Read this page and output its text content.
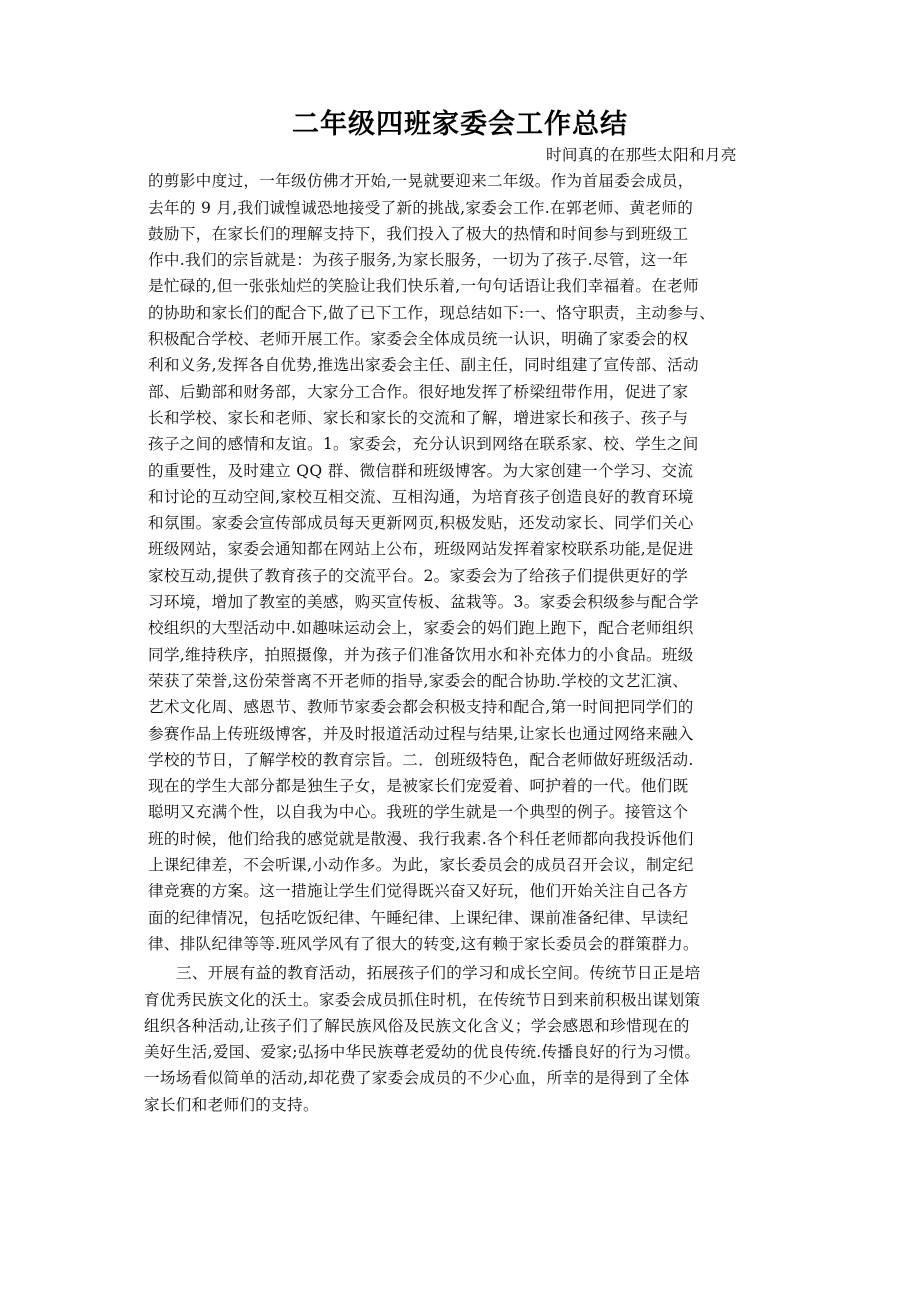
二年级四班家委会工作总结
时间真的在那些太阳和月亮
的剪影中度过，一年级仿佛才开始,一晃就要迎来二年级。作为首届委会成员，
去年的 9 月,我们诚惶诚恐地接受了新的挑战,家委会工作.在郭老师、黄老师的
鼓励下，在家长们的理解支持下，我们投入了极大的热情和时间参与到班级工
作中.我们的宗旨就是：为孩子服务,为家长服务，一切为了孩子.尽管，这一年
是忙碌的,但一张张灿烂的笑脸让我们快乐着,一句句话语让我们幸福着。在老师
的协助和家长们的配合下,做了已下工作，现总结如下:一、恪守职责，主动参与、
积极配合学校、老师开展工作。家委会全体成员统一认识，明确了家委会的权
利和义务,发挥各自优势,推选出家委会主任、副主任，同时组建了宣传部、活动
部、后勤部和财务部，大家分工合作。很好地发挥了桥梁纽带作用，促进了家
长和学校、家长和老师、家长和家长的交流和了解，增进家长和孩子、孩子与
孩子之间的感情和友谊。1。家委会，充分认识到网络在联系家、校、学生之间
的重要性，及时建立 QQ 群、微信群和班级博客。为大家创建一个学习、交流
和讨论的互动空间,家校互相交流、互相沟通，为培育孩子创造良好的教育环境
和氛围。家委会宣传部成员每天更新网页,积极发贴，还发动家长、同学们关心
班级网站，家委会通知都在网站上公布，班级网站发挥着家校联系功能,是促进
家校互动,提供了教育孩子的交流平台。2。家委会为了给孩子们提供更好的学
习环境，增加了教室的美感，购买宣传板、盆栽等。3。家委会积级参与配合学
校组织的大型活动中.如趣味运动会上，家委会的妈们跑上跑下，配合老师组织
同学,维持秩序，拍照摄像，并为孩子们准备饮用水和补充体力的小食品。班级
荣获了荣誉,这份荣誉离不开老师的指导,家委会的配合协助.学校的文艺汇演、
艺术文化周、感恩节、教师节家委会都会积极支持和配合,第一时间把同学们的
参赛作品上传班级博客，并及时报道活动过程与结果,让家长也通过网络来融入
学校的节日，了解学校的教育宗旨。二．创班级特色，配合老师做好班级活动.
现在的学生大部分都是独生子女，是被家长们宠爱着、呵护着的一代。他们既
聪明又充满个性，以自我为中心。我班的学生就是一个典型的例子。接管这个
班的时候，他们给我的感觉就是散漫、我行我素.各个科任老师都向我投诉他们
上课纪律差，不会听课,小动作多。为此，家长委员会的成员召开会议，制定纪
律竞赛的方案。这一措施让学生们觉得既兴奋又好玩，他们开始关注自己各方
面的纪律情况，包括吃饭纪律、午睡纪律、上课纪律、课前准备纪律、早读纪
律、排队纪律等等.班风学风有了很大的转变,这有赖于家长委员会的群策群力。
三、开展有益的教育活动，拓展孩子们的学习和成长空间。传统节日正是培
育优秀民族文化的沃土。家委会成员抓住时机，在传统节日到来前积极出谋划策
组织各种活动,让孩子们了解民族风俗及民族文化含义；学会感恩和珍惜现在的
美好生活,爱国、爱家;弘扬中华民族尊老爱幼的优良传统.传播良好的行为习惯。
一场场看似简单的活动,却花费了家委会成员的不少心血，所幸的是得到了全体
家长们和老师们的支持。
